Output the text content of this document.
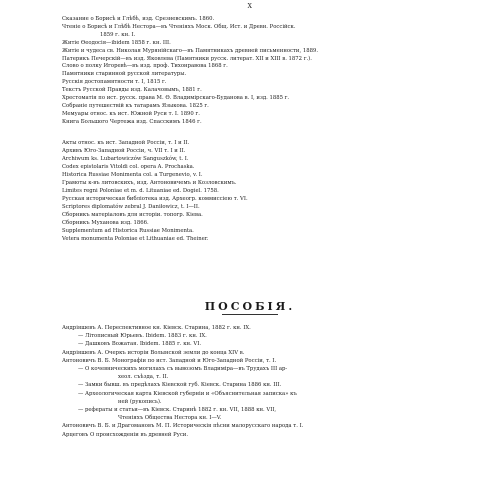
X
Сказание о Борисѣ и Глѣбѣ, изд. Срезневскимъ. 1860.
Чтеніе о Борисѣ и Глѣбѣ Нестора—въ Чтеніяхъ Моск. Общ. Ист. и Древн. Россійск.
1859 г. кн. I.
Житіе Ѳеодосія—ibidem 1858 г. кн. III.
Житіе и чудеса св. Николая Мурянійскаго—въ Памятникахъ древней письменности, 1889.
Патерикъ Печерскій—въ изд. Яковлева (Памятники русск. литерат. XII и XIII в. 1872 г.).
Слово о полку Игоревѣ—въ изд. проф. Тихонравова 1868 г.
Памятники старинной русской литературы.
Русскія достопамятности т. I, 1815 г.
Текстъ Русской Правды изд. Калачовымъ, 1881 г.
Хрестоматія по ист. русск. права М. Ѳ. Владимірскаго-Буданова в. I, изд. 1885 г.
Собраніе путешествій къ татарамъ Языкова. 1825 г.
Мемуары относ. къ ист. Южной Руси т. I. 1890 г.
Книга Большого Чертежа изд. Спасскимъ 1846 г.
Акты относ. къ ист. Западной Россіи, т. I и II.
Архивъ Юго-Западной Россіи, ч. VII т. I и II.
Archiwum ks. Lubartowiczów Sanguszków, t. I.
Codex epistolaris Vitoldi col. opera A. Prochaska.
Historica Russiae Monimenta col. a Turgenevio, v. I.
Грамоты к-въ литовскихъ, изд. Антоновичемъ и Козловскимъ.
Limites regni Poloniae et m. d. Lituaniae ed. Dogiel. 1758.
Русская историческая библіотека изд. Археогр. коммиссіею т. VI.
Scriptores diplomatów zebral J. Daniłowicz, t. I—II.
Сборникъ матеріаловъ для исторіи. топогр. Кіева.
Сборникъ Муханова изд. 1866.
Supplementum ad Historica Russiae Monimenta.
Vetera monumenta Poloniae et Lithuaniae ed. Theiner.
Андріяшевъ А. Переспективное кн. Кіевск. Старина, 1882 г. кн. IX.
— Літописный Юрьевъ. Ibidem. 1883 г. кн. IX.
— Дашковъ Вожатая. Ibidem. 1885 г. кн. VI.
Андріяшевъ А. Очеркъ исторіи Волынской земли до конца XIV в.
Антоновичъ В. Б. Монографіи по ист. Западной и Юго-Западной Россіи, т. I.
— О кочевническихъ могилахъ съ вывозомъ Владиміра—въ Трудахъ III ар-
хеол. съѣзда, т. II.
— Замки бывш. въ предѣлахъ Кіевской губ. Кіевск. Старина 1886 кн. III.
— Археологическая карта Кіевской губерніи и «Объяснительная записка» къ
ней (рукопись).
— рефераты и статьи—въ Кіевск. Старинѣ 1882 г. кн. VII, 1888 кн. VII,
Чтеніяхъ Общества Нестора кн. I—V.
Антоновичъ В. Б. и Драгомановъ М. П. Историческія пѣсни малорусскаго народа т. I.
Арцеговъ О происхожденіи въ древней Руси.
ПОСОБІЯ.
